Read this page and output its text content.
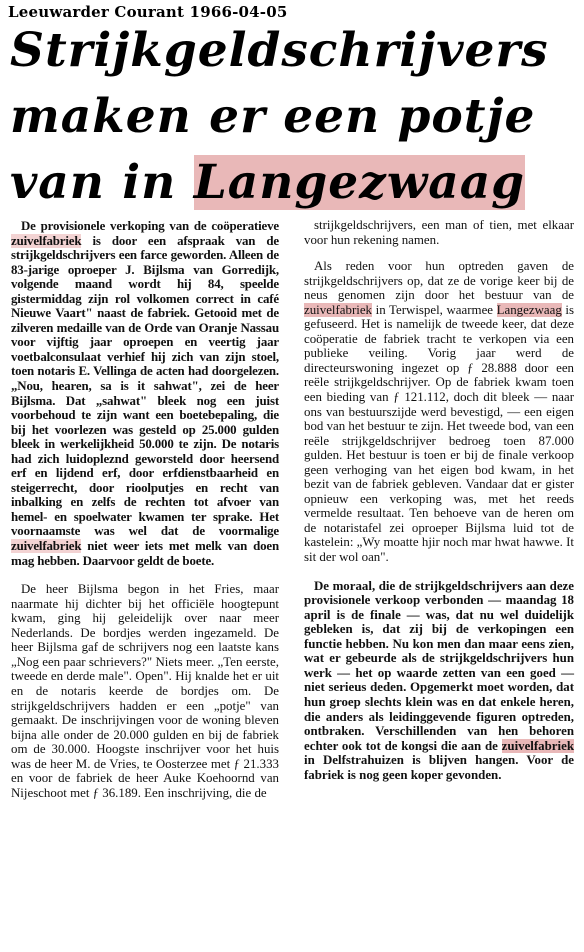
Leeuwarder Courant 1966-04-05
Strijkgeldschrijvers
maken er een potje
van in Langezwaag

De provisionele verkoping van de coöperatieve zuivelfabriek is door een afspraak van de strijkgeldschrijvers een farce geworden. Alleen de 83-jarige oproeper J. Bijlsma van Gorredijk, volgende maand wordt hij 84, speelde gistermiddag zijn rol volkomen correct in café Nieuwe Vaart" naast de fabriek. Getooid met de zilveren medaille van de Orde van Oranje Nassau voor vijftig jaar oproepen en veertig jaar voetbalconsulaat verhief hij zich van zijn stoel, toen notaris E. Vellinga de acten had doorgelezen. „Nou, hearen, sa is it sahwat", zei de heer Bijlsma. Dat „sahwat" bleek nog een juist voorbehoud te zijn want een boetebepaling, die bij het voorlezen was gesteld op 25.000 gulden bleek in werkelijkheid 50.000 te zijn. De notaris had zich luidopleznd geworsteld door heersend erf en lijdend erf, door erfdienstbaarheid en steigerrecht, door rioolputjes en recht van inbalking en zelfs de rechten tot afvoer van hemel- en spoelwater kwamen ter sprake. Het voornaamste was wel dat de voormalige zuivelfabriek niet weer iets met melk van doen mag hebben. Daarvoor geldt de boete.

De heer Bijlsma begon in het Fries, maar naarmate hij dichter bij het officiële hoogtepunt kwam, ging hij geleidelijk over naar meer Nederlands. De bordjes werden ingezameld. De heer Bijlsma gaf de schrijvers nog een laatste kans „Nog een paar schrievers?" Niets meer. „Ten eerste, tweede en derde male". Open". Hij knalde het er uit en de notaris keerde de bordjes om. De strijkgeldschrijvers hadden er een „potje" van gemaakt. De inschrijvingen voor de woning bleven bijna alle onder de 20.000 gulden en bij de fabriek om de 30.000. Hoogste inschrijver voor het huis was de heer M. de Vries, te Oosterzee met ƒ 21.333 en voor de fabriek de heer Auke Koehoornd van Nijeschoot met ƒ 36.189. Een inschrijving, die de

strijkgeldschrijvers, een man of tien, met elkaar voor hun rekening namen.

Als reden voor hun optreden gaven de strijkgeldschrijvers op, dat ze de vorige keer bij de neus genomen zijn door het bestuur van de zuivelfabriek in Terwispel, waarmee Langezwaag is gefuseerd. Het is namelijk de tweede keer, dat deze coöperatie de fabriek tracht te verkopen via een publieke veiling. Vorig jaar werd de directeurswoning ingezet op ƒ 28.888 door een reële strijkgeldschrijver. Op de fabriek kwam toen een bieding van ƒ 121.112, doch dit bleek — naar ons van bestuurszijde werd bevestigd, — een eigen bod van het bestuur te zijn. Het tweede bod, van een reële strijkgeldschrijver bedroeg toen 87.000 gulden. Het bestuur is toen er bij de finale verkoop geen verhoging van het eigen bod kwam, in het bezit van de fabriek gebleven. Vandaar dat er gister opnieuw een verkoping was, met het reeds vermelde resultaat. Ten behoeve van de heren om de notaristafel zei oproeper Bijlsma luid tot de kastelein: „Wy moatte hjir noch mar hwat hawwe. It sit der wol oan".

De moraal, die de strijkgeldschrijvers aan deze provisionele verkoop verbonden — maandag 18 april is de finale — was, dat nu wel duidelijk gebleken is, dat zij bij de verkopingen een functie hebben. Nu kon men dan maar eens zien, wat er gebeurde als de strijkgeldschrijvers hun werk — het op waarde zetten van een goed — niet serieus deden. Opgemerkt moet worden, dat hun groep slechts klein was en dat enkele heren, die anders als leidinggevende figuren optreden, ontbraken. Verschillenden van hen behoren echter ook tot de kongsi die aan de zuivelfabriek in Delfstrahuizen is blijven hangen. Voor de fabriek is nog geen koper gevonden.
